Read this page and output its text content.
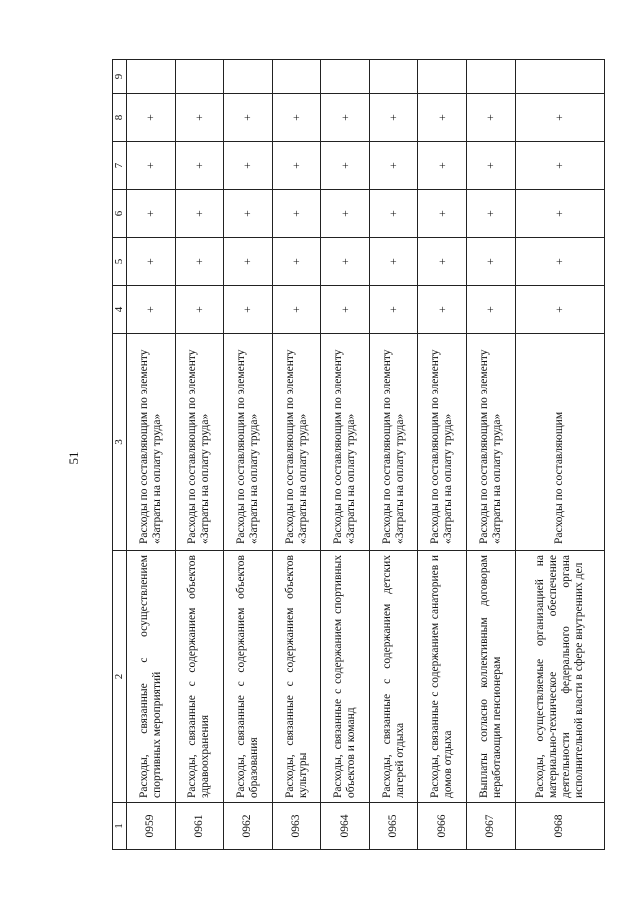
51
1	2	3	4	5	6	7	8	9
0959	Расходы, связанные с осуществлением спортивных мероприятий	Расходы по составляющим по элементу «Затраты на оплату труда»	+	+	+	+	+	
0961	Расходы, связанные с содержанием объектов здравоохранения	Расходы по составляющим по элементу «Затраты на оплату труда»	+	+	+	+	+	
0962	Расходы, связанные с содержанием объектов образования	Расходы по составляющим по элементу «Затраты на оплату труда»	+	+	+	+	+	
0963	Расходы, связанные с содержанием объектов культуры	Расходы по составляющим по элементу «Затраты на оплату труда»	+	+	+	+	+	
0964	Расходы, связанные с содержанием спортивных объектов и команд	Расходы по составляющим по элементу «Затраты на оплату труда»	+	+	+	+	+	
0965	Расходы, связанные с содержанием детских лагерей отдыха	Расходы по составляющим по элементу «Затраты на оплату труда»	+	+	+	+	+	
0966	Расходы, связанные с содержанием санаториев и домов отдыха	Расходы по составляющим по элементу «Затраты на оплату труда»	+	+	+	+	+	
0967	Выплаты согласно коллективным договорам неработающим пенсионерам	Расходы по составляющим по элементу «Затраты на оплату труда»	+	+	+	+	+	
0968	Расходы, осуществляемые организацией на материально-техническое обеспечение деятельности федерального органа исполнительной власти в сфере внутренних дел	Расходы по составляющим	+	+	+	+	+	
